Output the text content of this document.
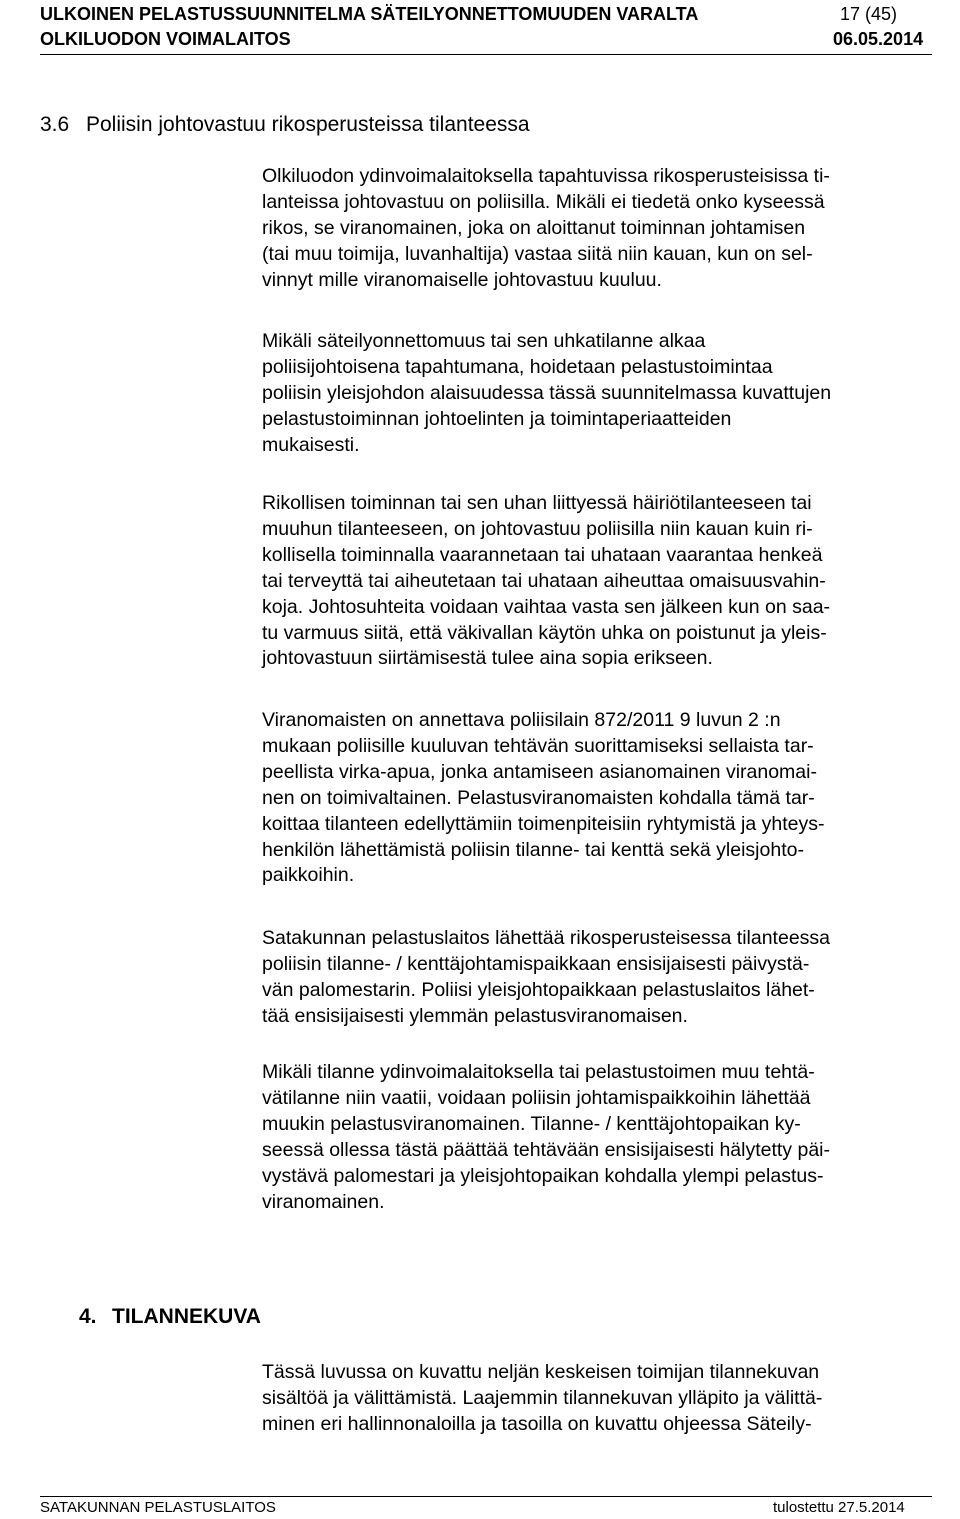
ULKOINEN PELASTUSSUUNNITELMA SÄTEILYONNETTOMUUDEN VARALTA	17 (45)
OLKILUODON VOIMALAITOS	06.05.2014
3.6 Poliisin johtovastuu rikosperusteissa tilanteessa
Olkiluodon ydinvoimalaitoksella tapahtuvissa rikosperusteisissa ti-
lanteissa johtovastuu on poliisilla. Mikäli ei tiedetä onko kyseessä
rikos, se viranomainen, joka on aloittanut toiminnan johtamisen
(tai muu toimija, luvanhaltija) vastaa siitä niin kauan, kun on sel-
vinnyt mille viranomaiselle johtovastuu kuuluu.
Mikäli säteilyonnettomuus tai sen uhkatilanne alkaa
poliisijohtoisena tapahtumana, hoidetaan pelastustoimintaa
poliisin yleisjohdon alaisuudessa tässä suunnitelmassa kuvattujen
pelastustoiminnan johtoelinten ja toimintaperiaatteiden
mukaisesti.
Rikollisen toiminnan tai sen uhan liittyessä häiriötilanteeseen tai
muuhun tilanteeseen, on johtovastuu poliisilla niin kauan kuin ri-
kollisella toiminnalla vaarannetaan tai uhataan vaarantaa henkeä
tai terveyttä tai aiheutetaan tai uhataan aiheuttaa omaisuusvahin-
koja. Johtosuhteita voidaan vaihtaa vasta sen jälkeen kun on saa-
tu varmuus siitä, että väkivallan käytön uhka on poistunut ja yleis-
johtovastuun siirtämisestä tulee aina sopia erikseen.
Viranomaisten on annettava poliisilain 872/2011 9 luvun 2 :n
mukaan poliisille kuuluvan tehtävän suorittamiseksi sellaista tar-
peellista virka-apua, jonka antamiseen asianomainen viranomai-
nen on toimivaltainen. Pelastusviranomaisten kohdalla tämä tar-
koittaa tilanteen edellyttämiin toimenpiteisiin ryhtymistä ja yhteys-
henkilön lähettämistä poliisin tilanne- tai kenttä sekä yleisjohto-
paikkoihin.
Satakunnan pelastuslaitos lähettää rikosperusteisessa tilanteessa
poliisin tilanne- / kenttäjohtamispaikkaan ensisijaisesti päivystä-
vän palomestarin. Poliisi yleisjohtopaikkaan pelastuslaitos lähet-
tää ensisijaisesti ylemmän pelastusviranomaisen.
Mikäli tilanne ydinvoimalaitoksella tai pelastustoimen muu tehtä-
vätilanne niin vaatii, voidaan poliisin johtamispaikkoihin lähettää
muukin pelastusviranomainen. Tilanne- / kenttäjohtopaikan ky-
seessä ollessa tästä päättää tehtävään ensisijaisesti hälytetty päi-
vystävä palomestari ja yleisjohtopaikan kohdalla ylempi pelastus-
viranomainen.
4. TILANNEKUVA
Tässä luvussa on kuvattu neljän keskeisen toimijan tilannekuvan
sisältöä ja välittämistä. Laajemmin tilannekuvan ylläpito ja välittä-
minen eri hallinnonaloilla ja tasoilla on kuvattu ohjeessa Säteily-
SATAKUNNAN PELASTUSLAITOS	tulostettu 27.5.2014
